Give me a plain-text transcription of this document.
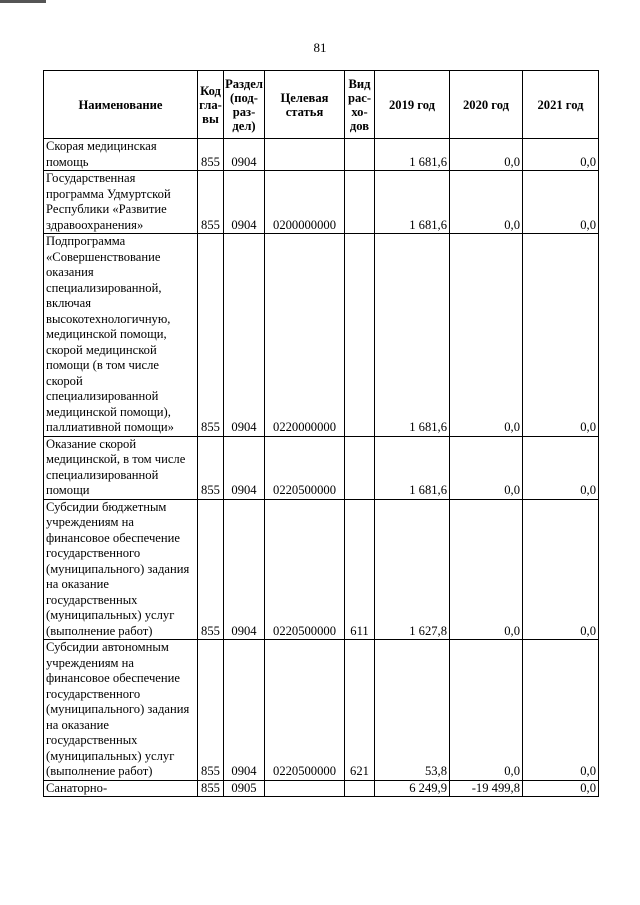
81
Наименование	Код гла-вы	Раздел (под-раз-дел)	Целевая статья	Вид рас-хо-дов	2019 год	2020 год	2021 год
Скорая медицинская помощь	855	0904			1 681,6	0,0	0,0
Государственная программа Удмуртской Республики «Развитие здравоохранения»	855	0904	0200000000		1 681,6	0,0	0,0
Подпрограмма «Совершенствование оказания специализированной, включая высокотехнологичную, медицинской помощи, скорой медицинской помощи (в том числе скорой специализированной медицинской помощи), паллиативной помощи»	855	0904	0220000000		1 681,6	0,0	0,0
Оказание скорой медицинской, в том числе специализированной помощи	855	0904	0220500000		1 681,6	0,0	0,0
Субсидии бюджетным учреждениям на финансовое обеспечение государственного (муниципального) задания на оказание государственных (муниципальных) услуг (выполнение работ)	855	0904	0220500000	611	1 627,8	0,0	0,0
Субсидии автономным учреждениям на финансовое обеспечение государственного (муниципального) задания на оказание государственных (муниципальных) услуг (выполнение работ)	855	0904	0220500000	621	53,8	0,0	0,0
Санаторно-	855	0905			6 249,9	-19 499,8	0,0
